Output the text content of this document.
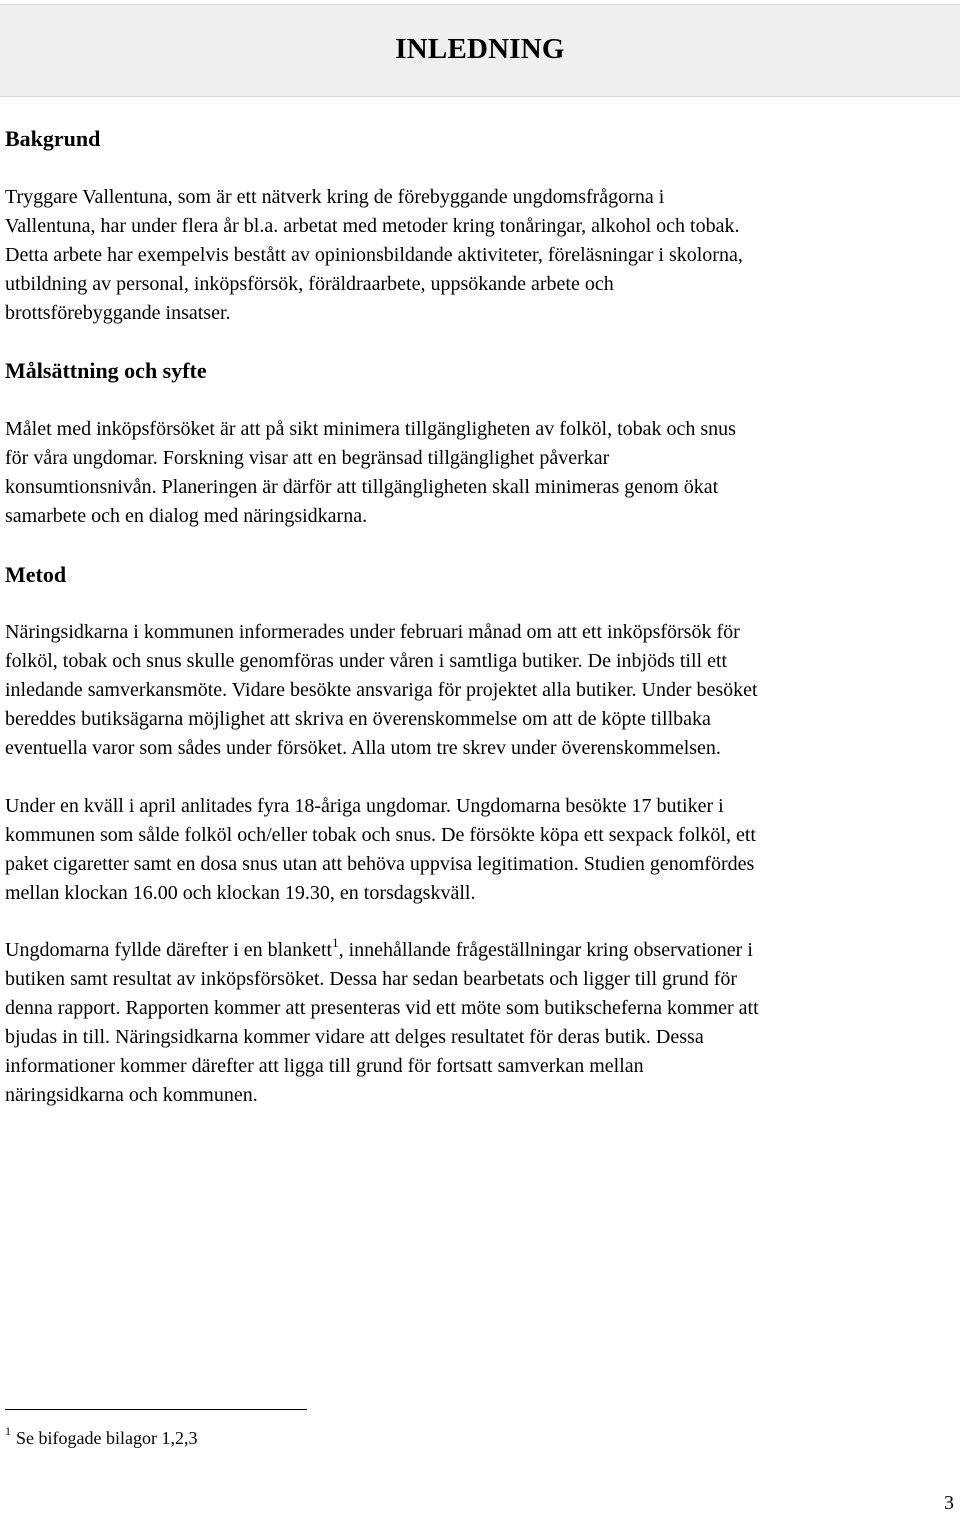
INLEDNING
Bakgrund
Tryggare Vallentuna, som är ett nätverk kring de förebyggande ungdomsfrågorna i
Vallentuna, har under flera år bl.a. arbetat med metoder kring tonåringar, alkohol och tobak.
Detta arbete har exempelvis bestått av opinionsbildande aktiviteter, föreläsningar i skolorna,
utbildning av personal, inköpsförsök, föräldraarbete, uppsökande arbete och
brottsförebyggande insatser.
Målsättning och syfte
Målet med inköpsförsöket är att på sikt minimera tillgängligheten av folköl, tobak och snus
för våra ungdomar. Forskning visar att en begränsad tillgänglighet påverkar
konsumtionsnivån. Planeringen är därför att tillgängligheten skall minimeras genom ökat
samarbete och en dialog med näringsidkarna.
Metod
Näringsidkarna i kommunen informerades under februari månad om att ett inköpsförsök för
folköl, tobak och snus skulle genomföras under våren i samtliga butiker. De inbjöds till ett
inledande samverkansmöte. Vidare besökte ansvariga för projektet alla butiker. Under besöket
bereddes butiksägarna möjlighet att skriva en överenskommelse om att de köpte tillbaka
eventuella varor som sådes under försöket. Alla utom tre skrev under överenskommelsen.
Under en kväll i april anlitades fyra 18-åriga ungdomar. Ungdomarna besökte 17 butiker i
kommunen som sålde folköl och/eller tobak och snus. De försökte köpa ett sexpack folköl, ett
paket cigaretter samt en dosa snus utan att behöva uppvisa legitimation. Studien genomfördes
mellan klockan 16.00 och klockan 19.30, en torsdagskväll.
Ungdomarna fyllde därefter i en blankett$^1$, innehållande frågeställningar kring observationer i
butiken samt resultat av inköpsförsöket. Dessa har sedan bearbetats och ligger till grund för
denna rapport. Rapporten kommer att presenteras vid ett möte som butikscheferna kommer att
bjudas in till. Näringsidkarna kommer vidare att delges resultatet för deras butik. Dessa
informationer kommer därefter att ligga till grund för fortsatt samverkan mellan
näringsidkarna och kommunen.
$^1$ Se bifogade bilagor 1,2,3
3
